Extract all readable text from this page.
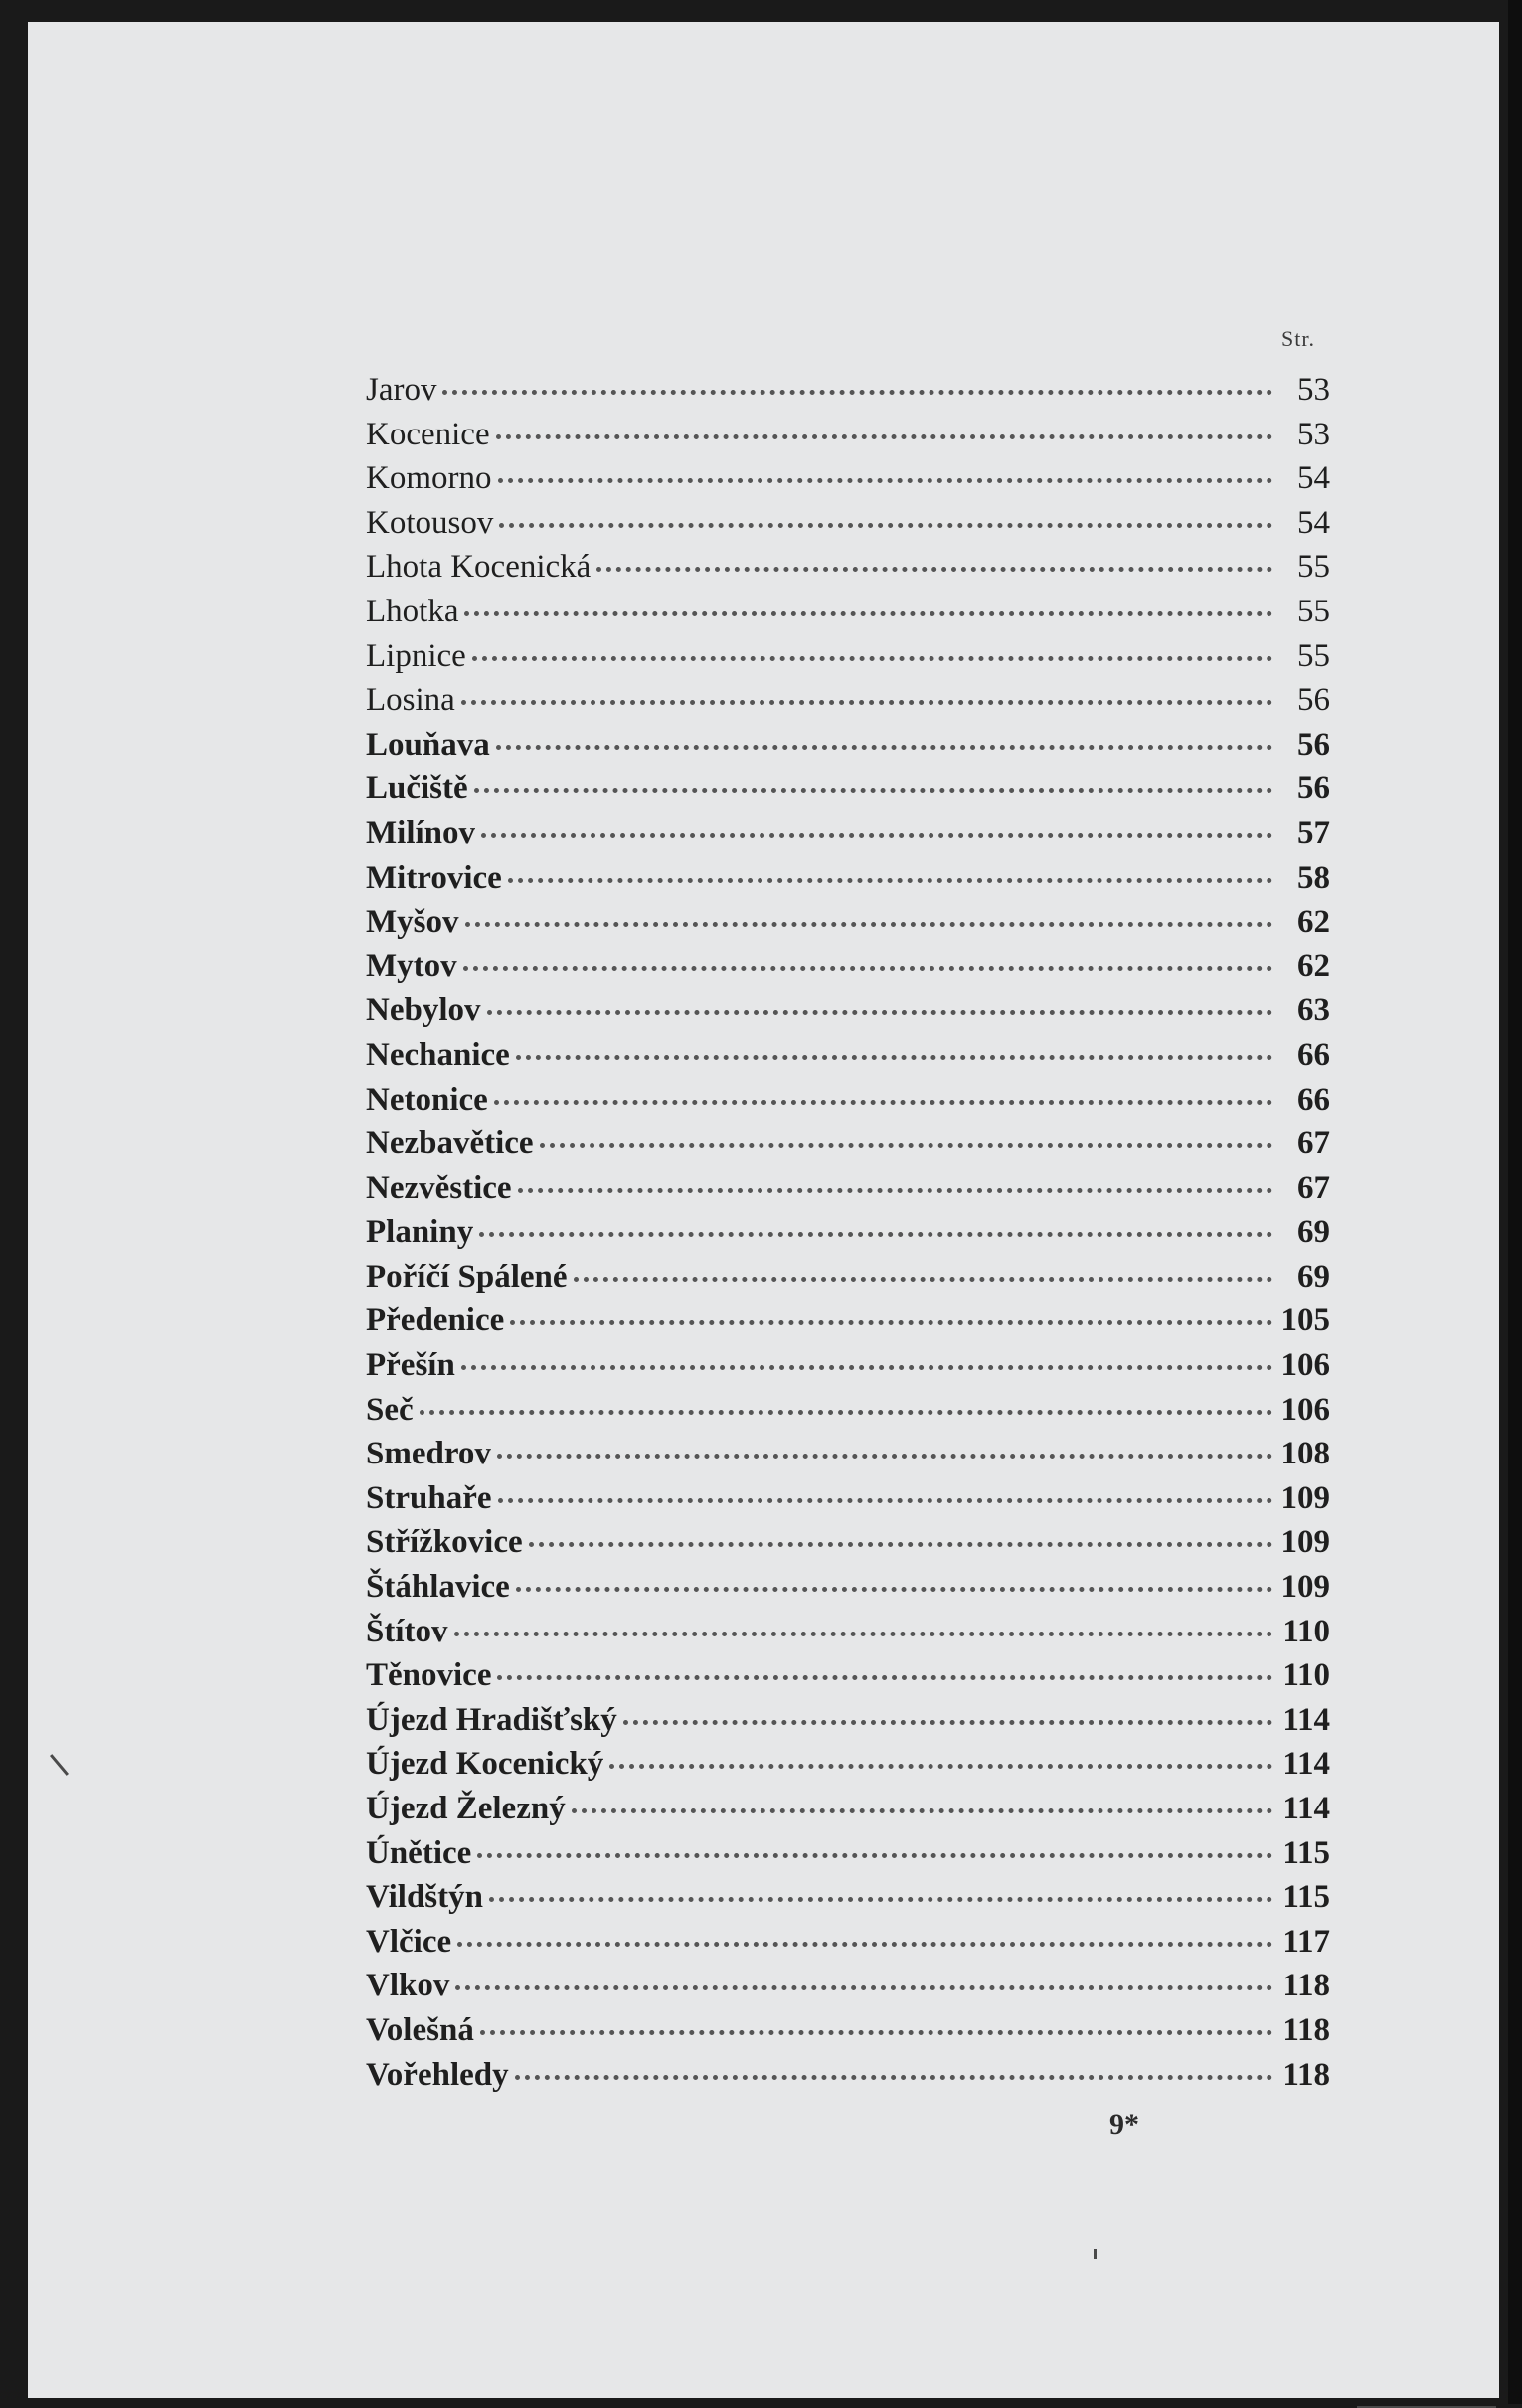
Str.
Jarov	53
Kocenice	53
Komorno	54
Kotousov	54
Lhota Kocenická	55
Lhotka	55
Lipnice	55
Losina	56
Louňava	56
Lučiště	56
Milínov	57
Mitrovice	58
Myšov	62
Mytov	62
Nebylov	63
Nechanice	66
Netonice	66
Nezbavětice	67
Nezvěstice	67
Planiny	69
Poříčí Spálené	69
Předenice	105
Přešín	106
Seč	106
Smedrov	108
Struhaře	109
Střížkovice	109
Štáhlavice	109
Štítov	110
Těnovice	110
Újezd Hradišťský	114
Újezd Kocenický	114
Újezd Železný	114
Únětice	115
Vildštýn	115
Vlčice	117
Vlkov	118
Volešná	118
Vořehledy	118
9*
